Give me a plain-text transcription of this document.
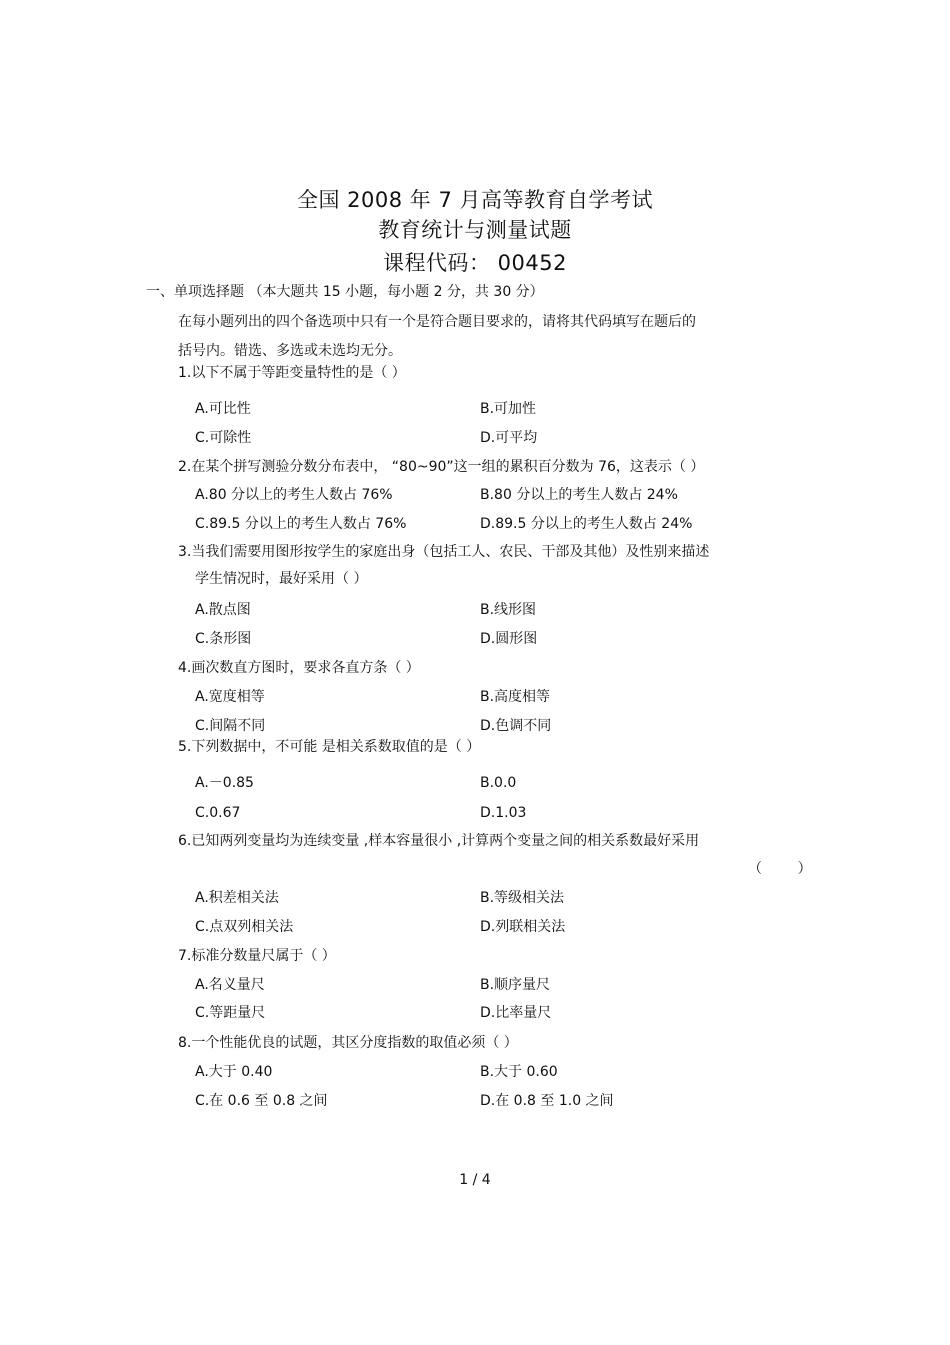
全国 2008 年 7 月高等教育自学考试
教育统计与测量试题
课程代码： 00452
一、单项选择题 （本大题共 15 小题，每小题 2 分，共 30 分）
在每小题列出的四个备选项中只有一个是符合题目要求的，请将其代码填写在题后的
括号内。错选、多选或未选均无分。
1.以下不属于等距变量特性的是（ ）
A.可比性	B.可加性
C.可除性	D.可平均
2.在某个拼写测验分数分布表中， “80~90”这一组的累积百分数为 76，这表示（ ）
A.80 分以上的考生人数占 76%	B.80 分以上的考生人数占 24%
C.89.5 分以上的考生人数占 76%	D.89.5 分以上的考生人数占 24%
3.当我们需要用图形按学生的家庭出身（包括工人、农民、干部及其他）及性别来描述
学生情况时，最好采用（ ）
A.散点图	B.线形图
C.条形图	D.圆形图
4.画次数直方图时，要求各直方条（ ）
A.宽度相等	B.高度相等
C.间隔不同	D.色调不同
5.下列数据中，不可能 是相关系数取值的是（ ）
A.－0.85	B.0.0
C.0.67	D.1.03
6.已知两列变量均为连续变量 ,样本容量很小 ,计算两个变量之间的相关系数最好采用
（        ）
A.积差相关法	B.等级相关法
C.点双列相关法	D.列联相关法
7.标准分数量尺属于（ ）
A.名义量尺	B.顺序量尺
C.等距量尺	D.比率量尺
8.一个性能优良的试题，其区分度指数的取值必须（ ）
A.大于 0.40	B.大于 0.60
C.在 0.6 至 0.8 之间	D.在 0.8 至 1.0 之间
1 / 4
